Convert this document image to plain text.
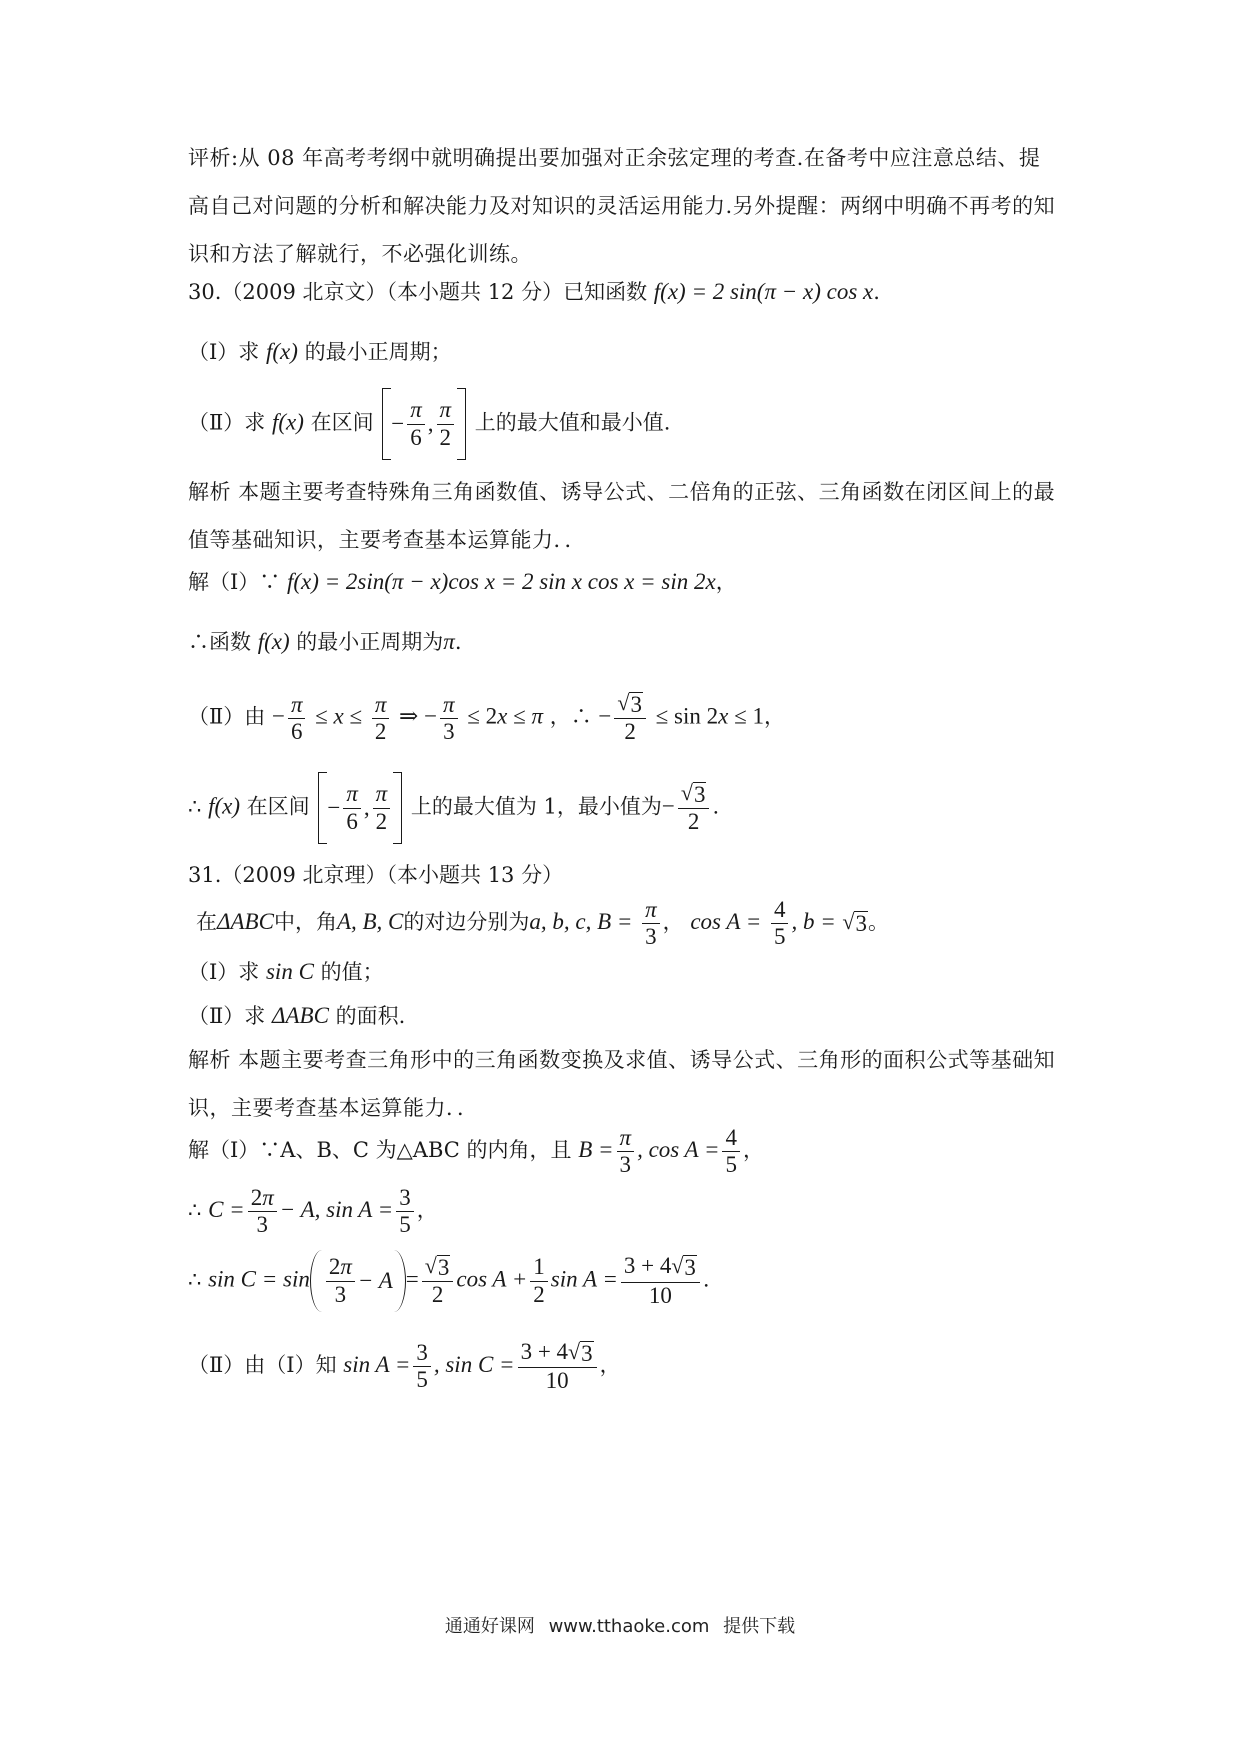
评析:从 08 年高考考纲中就明确提出要加强对正余弦定理的考查.在备考中应注意总结、提高自己对问题的分析和解决能力及对知识的灵活运用能力.另外提醒：两纲中明确不再考的知识和方法了解就行，不必强化训练。
30.（2009 北京文）（本小题共 12 分）已知函数 f(x) = 2 sin(π − x) cos x.
（Ⅰ）求 f(x) 的最小正周期；
（Ⅱ）求 f(x) 在区间 − $\frac{\pi}{6}$ , $\frac{\pi}{2}$ 上的最大值和最小值.
解析 本题主要考查特殊角三角函数值、诱导公式、二倍角的正弦、三角函数在闭区间上的最值等基础知识，主要考查基本运算能力．．
解（Ⅰ）∵ f(x) = 2sin(π − x)cos x = 2 sin x cos x = sin 2x，
∴函数 f(x) 的最小正周期为π.
（Ⅱ）由 − $\frac{\pi}{6} \le x \le \frac{\pi}{2}$ ⇒ − $\frac{\pi}{3} \le 2x \le \pi$ ，∴ − $\frac{√ 3}{2} \le \sin 2x \le 1$，
∴ f(x) 在区间 − $\frac{\pi}{6}$ , $\frac{\pi}{2}$ 上的最大值为 1，最小值为− $\frac{√ 3}{2}$ .
31.（2009 北京理）（本小题共 13 分）
在ΔABC中，角A, B, C的对边分别为a, b, c, $B = \frac{\pi}{3}$ ， $\cos A = \frac{4}{5}$ , b = √ 3 。
（Ⅰ）求 sin C 的值；
（Ⅱ）求 ΔABC 的面积.
解析 本题主要考查三角形中的三角函数变换及求值、诱导公式、三角形的面积公式等基础知识，主要考查基本运算能力．．
解（Ⅰ）∵A、B、C 为△ABC 的内角，且 $B = \frac{\pi}{3}$ , $\cos A = \frac{4}{5}$ ，
∴ $C = \frac{2\pi}{3} - A$, $\sin A = \frac{3}{5}$ ，
∴ $\sin C = \sin \frac{2\pi}{3} - A = \frac{√ 3}{2}$ $\cos A + \frac{1}{2}$ $\sin A = \frac{3 + 4 √ 3}{10}$ .
（Ⅱ）由（Ⅰ）知 $\sin A = \frac{3}{5}$ , $\sin C = \frac{3 + 4 √ 3}{10}$ ，
通通好课网 www.tthaoke.com 提供下载
